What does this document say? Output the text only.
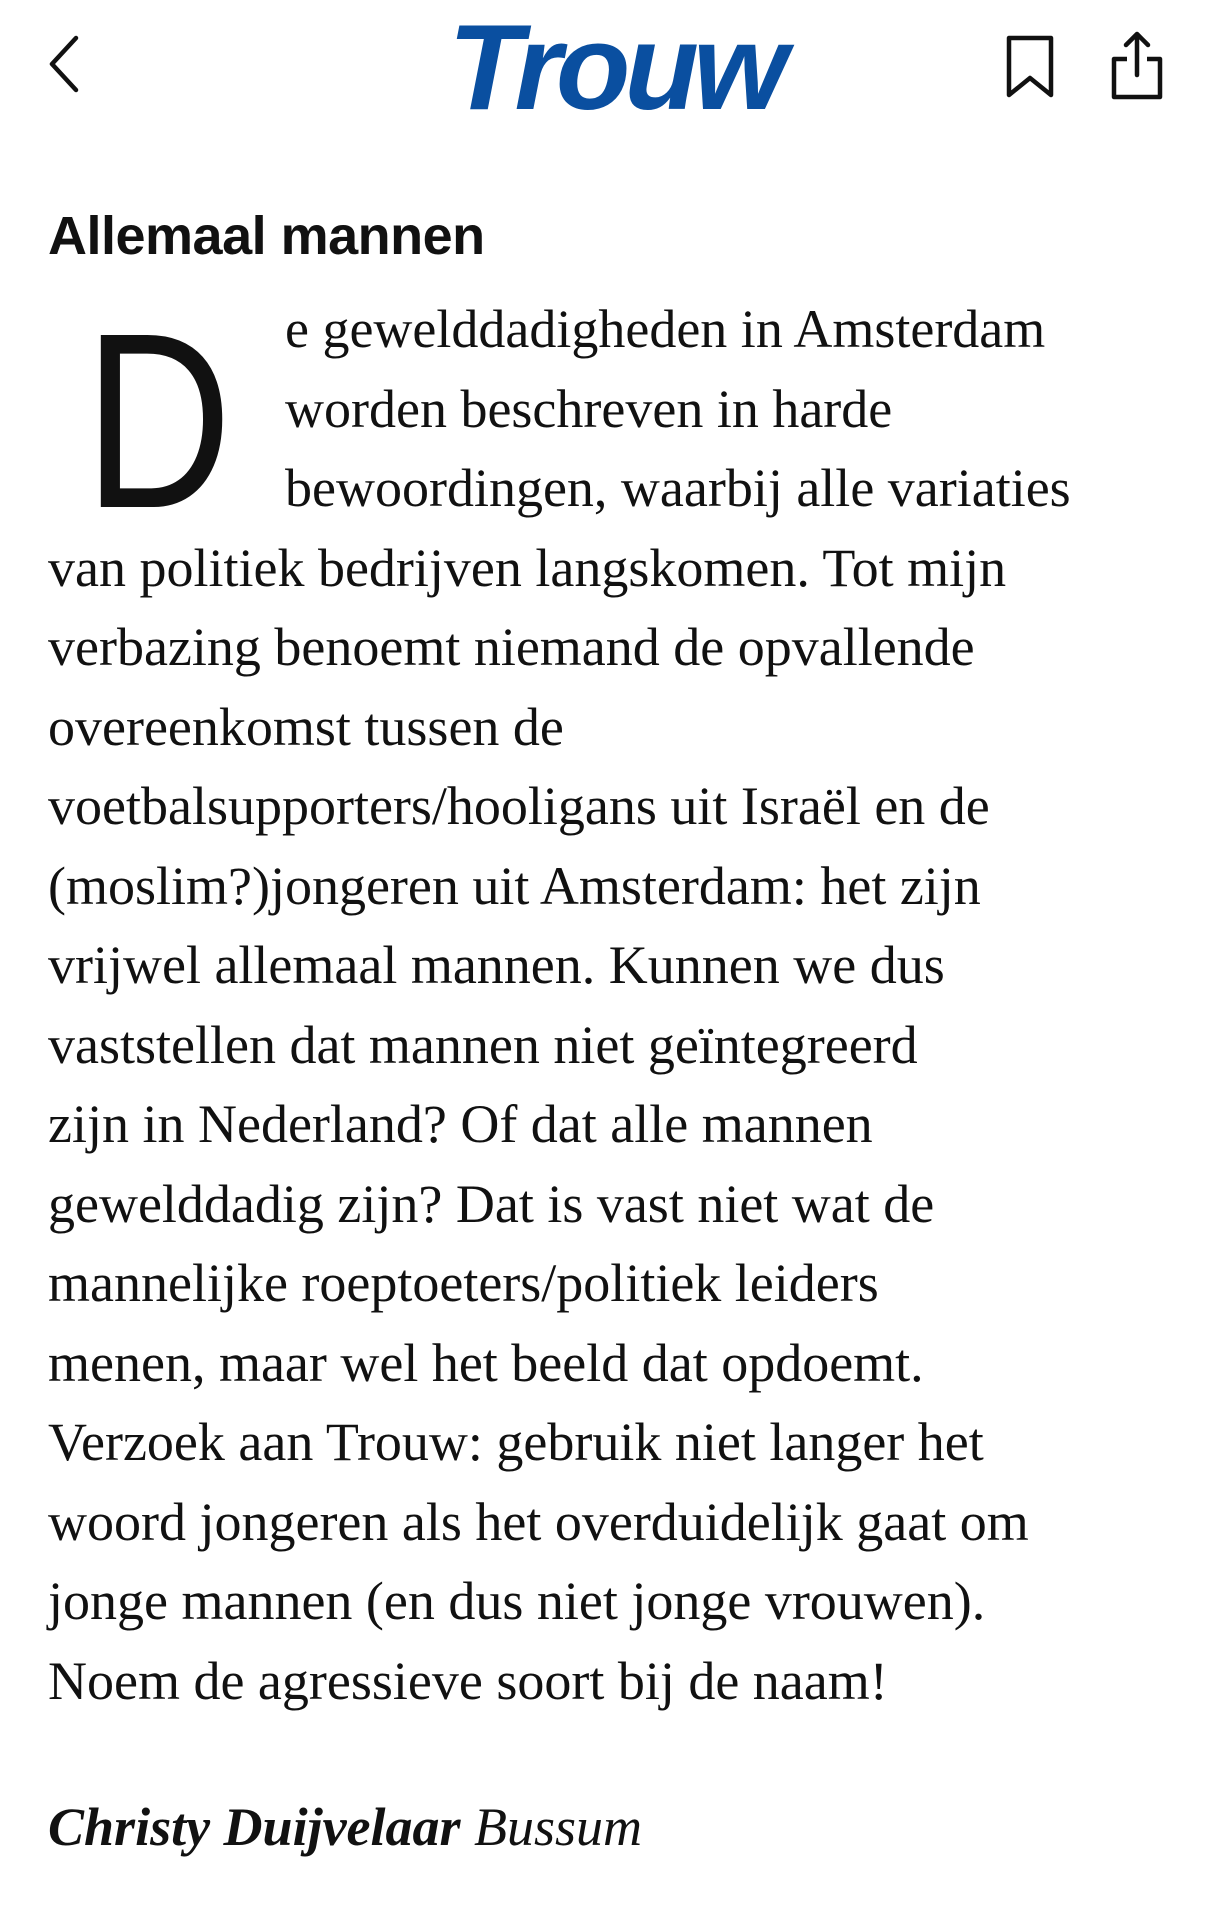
Trouw
Allemaal mannen
D e gewelddadigheden in Amsterdam
worden beschreven in harde
bewoordingen, waarbij alle variaties
van politiek bedrijven langskomen. Tot mijn
verbazing benoemt niemand de opvallende
overeenkomst tussen de
voetbalsupporters/hooligans uit Israël en de
(moslim?)jongeren uit Amsterdam: het zijn
vrijwel allemaal mannen. Kunnen we dus
vaststellen dat mannen niet geïntegreerd
zijn in Nederland? Of dat alle mannen
gewelddadig zijn? Dat is vast niet wat de
mannelijke roeptoeters/politiek leiders
menen, maar wel het beeld dat opdoemt.
Verzoek aan Trouw: gebruik niet langer het
woord jongeren als het overduidelijk gaat om
jonge mannen (en dus niet jonge vrouwen).
Noem de agressieve soort bij de naam!

Christy Duijvelaar Bussum
